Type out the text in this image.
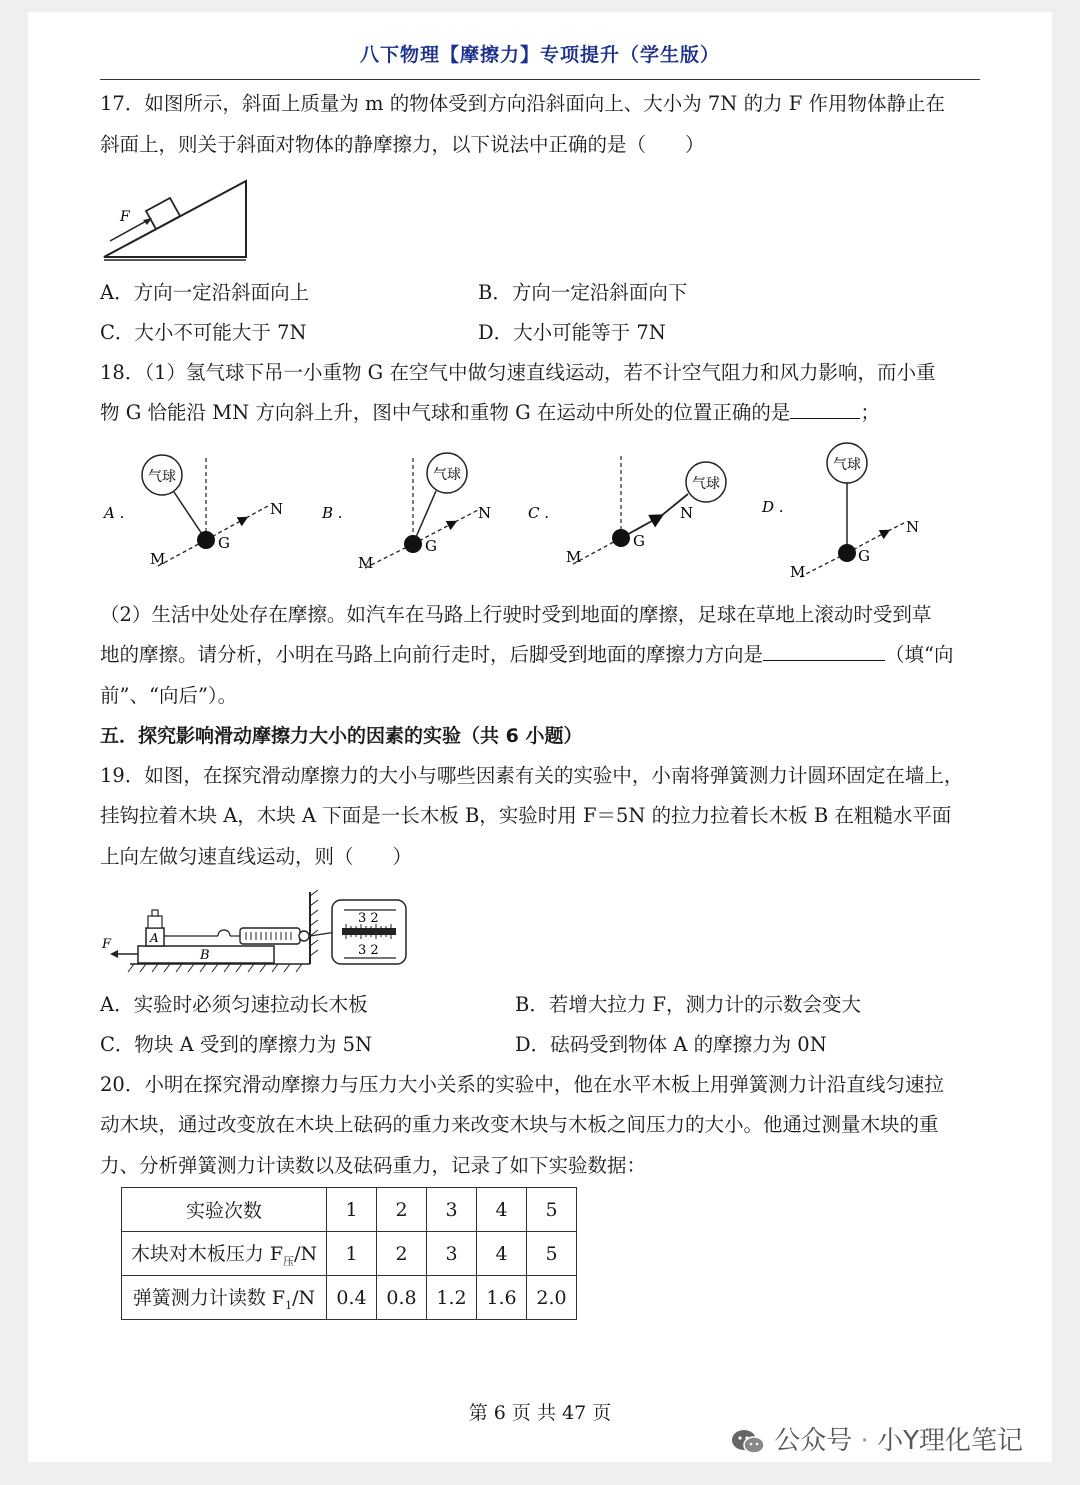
八下物理【摩擦力】专项提升（学生版）
17．如图所示，斜面上质量为 m 的物体受到方向沿斜面向上、大小为 7N 的力 F 作用物体静止在
斜面上，则关于斜面对物体的静摩擦力，以下说法中正确的是（　　）
F
A．方向一定沿斜面向上	B．方向一定沿斜面向下
C．大小不可能大于 7N	D．大小可能等于 7N
18．（1）氢气球下吊一小重物 G 在空气中做匀速直线运动，若不计空气阻力和风力影响，而小重
物 G 恰能沿 MN 方向斜上升，图中气球和重物 G 在运动中所处的位置正确的是	；
A .
气球
G
M
N	B .
气球
G
M
N C .
气球
G
M
N	D .
气球
G
M
N
（2）生活中处处存在摩擦。如汽车在马路上行驶时受到地面的摩擦，足球在草地上滚动时受到草
地的摩擦。请分析，小明在马路上向前行走时，后脚受到地面的摩擦力方向是	（填“向
前”、“向后”）。
五．探究影响滑动摩擦力大小的因素的实验（共 6 小题）
19．如图，在探究滑动摩擦力的大小与哪些因素有关的实验中，小南将弹簧测力计圆环固定在墙上，
挂钩拉着木块 A，木块 A 下面是一长木板 B，实验时用 F＝5N 的拉力拉着长木板 B 在粗糙水平面
上向左做匀速直线运动，则（　　）
B
A
F
3 2
3 2
A．实验时必须匀速拉动长木板	B．若增大拉力 F，测力计的示数会变大
C．物块 A 受到的摩擦力为 5N	D．砝码受到物体 A 的摩擦力为 0N
20．小明在探究滑动摩擦力与压力大小关系的实验中，他在水平木板上用弹簧测力计沿直线匀速拉
动木块，通过改变放在木块上砝码的重力来改变木块与木板之间压力的大小。他通过测量木块的重
力、分析弹簧测力计读数以及砝码重力，记录了如下实验数据：
实验次数	1	2	3	4	5
木块对木板压力 $F_压/N$	1	2	3	4	5
弹簧测力计读数 $F_1/N$	0.4	0.8	1.2	1.6	2.0
第 6 页 共 47 页
公众号 · 小Y理化笔记
